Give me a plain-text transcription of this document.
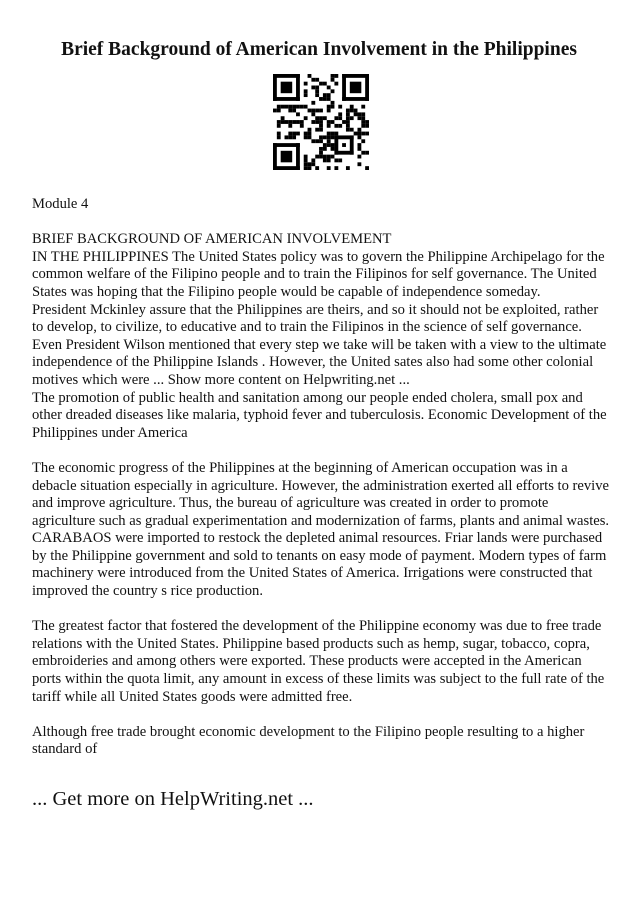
Brief Background of American Involvement in the Philippines

Module 4

BRIEF BACKGROUND OF AMERICAN INVOLVEMENT
IN THE PHILIPPINES The United States policy was to govern the Philippine Archipelago for the common welfare of the Filipino people and to train the Filipinos for self governance. The United States was hoping that the Filipino people would be capable of independence someday.
President Mckinley assure that the Philippines are theirs, and so it should not be exploited, rather to develop, to civilize, to educative and to train the Filipinos in the science of self governance.
Even President Wilson mentioned that every step we take will be taken with a view to the ultimate independence of the Philippine Islands . However, the United sates also had some other colonial motives which were ... Show more content on Helpwriting.net ...
The promotion of public health and sanitation among our people ended cholera, small pox and other dreaded diseases like malaria, typhoid fever and tuberculosis. Economic Development of the Philippines under America

The economic progress of the Philippines at the beginning of American occupation was in a debacle situation especially in agriculture. However, the administration exerted all efforts to revive and improve agriculture. Thus, the bureau of agriculture was created in order to promote agriculture such as gradual experimentation and modernization of farms, plants and animal wastes. CARABAOS were imported to restock the depleted animal resources. Friar lands were purchased by the Philippine government and sold to tenants on easy mode of payment. Modern types of farm machinery were introduced from the United States of America. Irrigations were constructed that improved the country s rice production.

The greatest factor that fostered the development of the Philippine economy was due to free trade relations with the United States. Philippine based products such as hemp, sugar, tobacco, copra, embroideries and among others were exported. These products were accepted in the American ports within the quota limit, any amount in excess of these limits was subject to the full rate of the tariff while all United States goods were admitted free.

Although free trade brought economic development to the Filipino people resulting to a higher standard of

... Get more on HelpWriting.net ...
